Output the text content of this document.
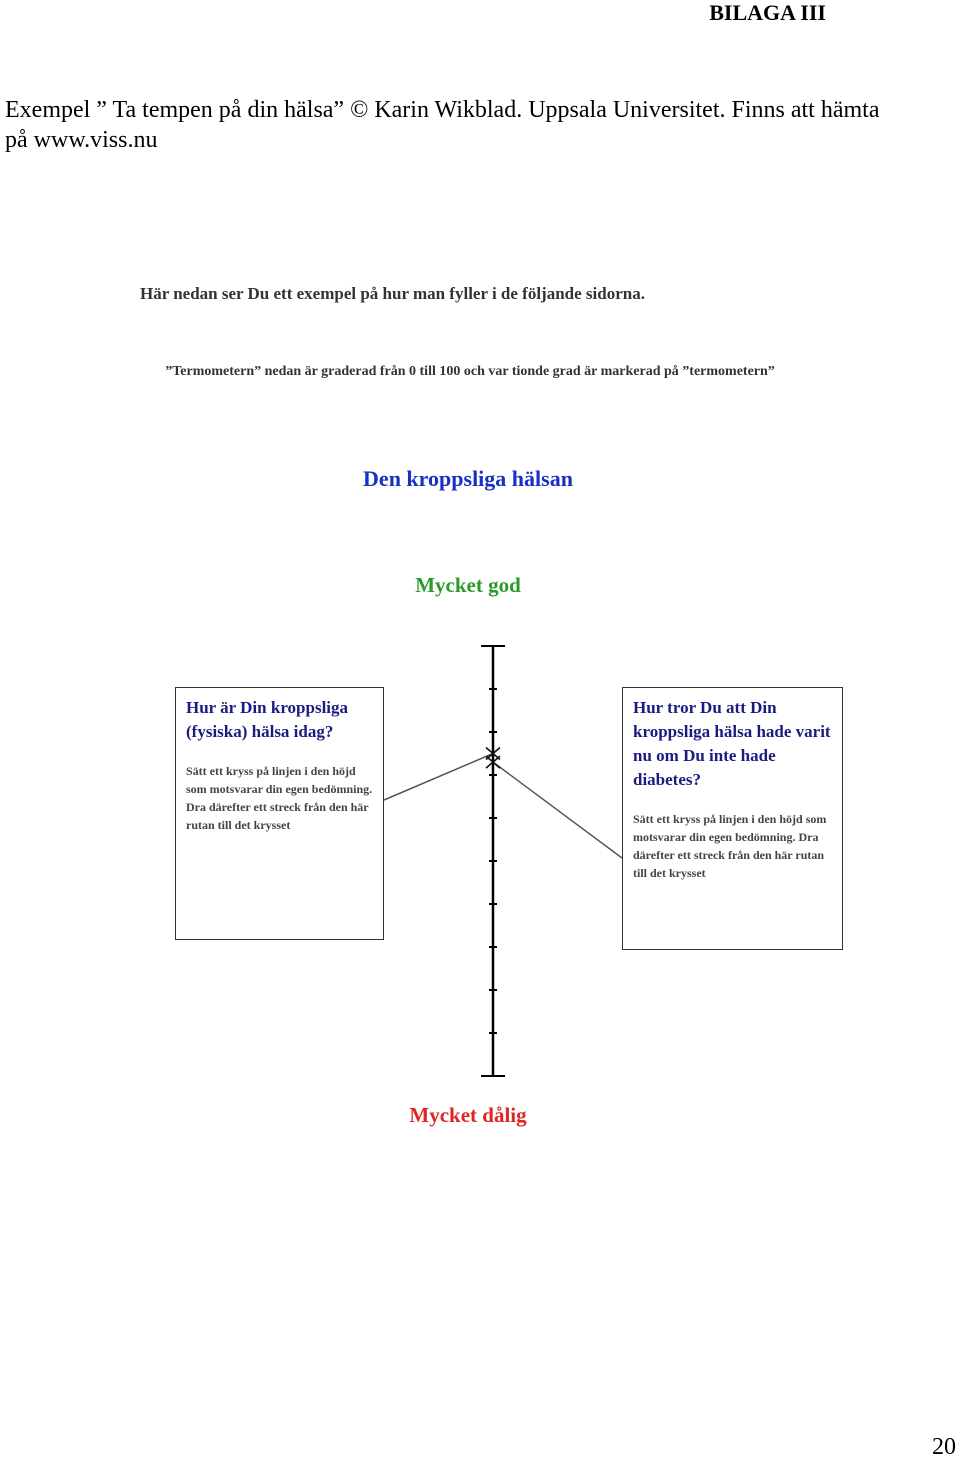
BILAGA III
Exempel ” Ta tempen på din hälsa” © Karin Wikblad. Uppsala Universitet. Finns att hämta på www.viss.nu
Här nedan ser Du ett exempel på hur man fyller i de följande sidorna.
”Termometern” nedan är graderad från 0 till 100 och var tionde grad är markerad på ”termometern”
Den kroppsliga hälsan
Mycket god

Hur är Din kroppsliga (fysiska) hälsa idag?

Sätt ett kryss på linjen i den höjd som motsvarar din egen bedömning. Dra därefter ett streck från den här rutan till det krysset

Hur tror Du att Din kroppsliga hälsa hade varit nu om Du inte hade diabetes?

Sätt ett kryss på linjen i den höjd som motsvarar din egen bedömning. Dra därefter ett streck från den här rutan till det krysset

Mycket dålig
20
